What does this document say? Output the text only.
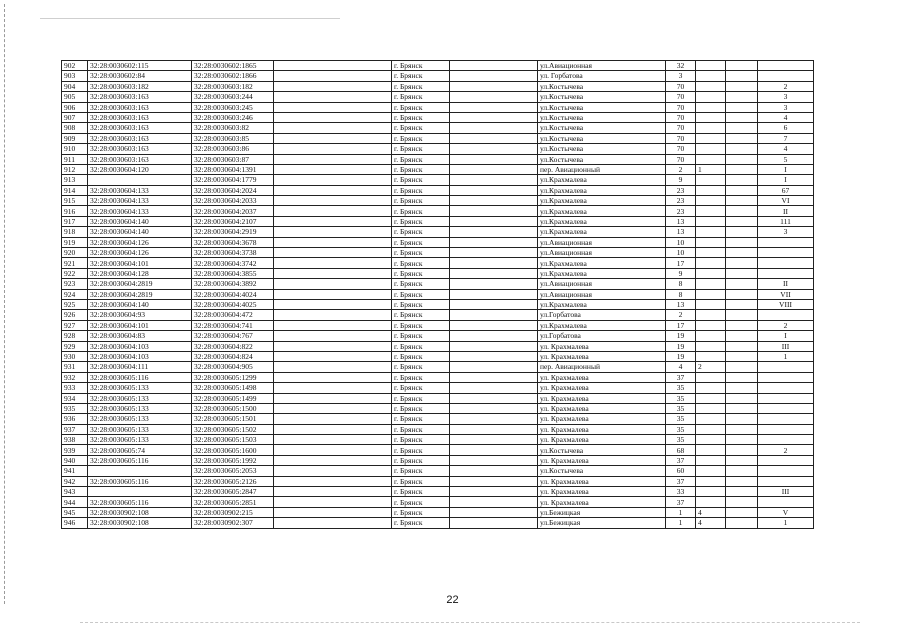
902	32:28:0030602:115	32:28:0030602:1865		г. Брянск		ул.Авиационная	32			
903	32:28:0030602:84	32:28:0030602:1866		г. Брянск		ул. Горбатова	3			
904	32:28:0030603:182	32:28:0030603:182		г. Брянск		ул.Костычева	70			2
905	32:28:0030603:163	32:28:0030603:244		г. Брянск		ул.Костычева	70			3
906	32:28:0030603:163	32:28:0030603:245		г. Брянск		ул.Костычева	70			3
907	32:28:0030603:163	32:28:0030603:246		г. Брянск		ул.Костычева	70			4
908	32:28:0030603:163	32:28:0030603:82		г. Брянск		ул.Костычева	70			6
909	32:28:0030603:163	32:28:0030603:85		г. Брянск		ул.Костычева	70			7
910	32:28:0030603:163	32:28:0030603:86		г. Брянск		ул.Костычева	70			4
911	32:28:0030603:163	32:28:0030603:87		г. Брянск		ул.Костычева	70			5
912	32:28:0030604:120	32:28:0030604:1391		г. Брянск		пер. Авиационный	2	1		I
913		32:28:0030604:1779		г. Брянск		ул.Крахмалева	9			I
914	32:28:0030604:133	32:28:0030604:2024		г. Брянск		ул.Крахмалева	23			67
915	32:28:0030604:133	32:28:0030604:2033		г. Брянск		ул.Крахмалева	23			VI
916	32:28:0030604:133	32:28:0030604:2037		г. Брянск		ул.Крахмалева	23			II
917	32:28:0030604:140	32:28:0030604:2107		г. Брянск		ул.Крахмалева	13			111
918	32:28:0030604:140	32:28:0030604:2919		г. Брянск		ул.Крахмалева	13			3
919	32:28:0030604:126	32:28:0030604:3678		г. Брянск		ул.Авиационная	10			
920	32:28:0030604:126	32:28:0030604:3738		г. Брянск		ул.Авиационная	10			
921	32:28:0030604:101	32:28:0030604:3742		г. Брянск		ул.Крахмалева	17			
922	32:28:0030604:128	32:28:0030604:3855		г. Брянск		ул.Крахмалева	9			
923	32:28:0030604:2819	32:28:0030604:3892		г. Брянск		ул.Авиационная	8			II
924	32:28:0030604:2819	32:28:0030604:4024		г. Брянск		ул.Авиационная	8			VII
925	32:28:0030604:140	32:28:0030604:4025		г. Брянск		ул.Крахмалева	13			VIII
926	32:28:0030604:93	32:28:0030604:472		г. Брянск		ул.Горбатова	2			
927	32:28:0030604:101	32:28:0030604:741		г. Брянск		ул.Крахмалева	17			2
928	32:28:0030604:83	32:28:0030604:767		г. Брянск		ул.Горбатова	19			I
929	32:28:0030604:103	32:28:0030604:822		г. Брянск		ул. Крахмалева	19			III
930	32:28:0030604:103	32:28:0030604:824		г. Брянск		ул. Крахмалева	19			1
931	32:28:0030604:111	32:28:0030604:905		г. Брянск		пер. Авиационный	4	2		
932	32:28:0030605:116	32:28:0030605:1299		г. Брянск		ул. Крахмалева	37			
933	32:28:0030605:133	32:28:0030605:1498		г. Брянск		ул. Крахмалева	35			
934	32:28:0030605:133	32:28:0030605:1499		г. Брянск		ул. Крахмалева	35			
935	32:28:0030605:133	32:28:0030605:1500		г. Брянск		ул. Крахмалева	35			
936	32:28:0030605:133	32:28:0030605:1501		г. Брянск		ул. Крахмалева	35			
937	32:28:0030605:133	32:28:0030605:1502		г. Брянск		ул. Крахмалева	35			
938	32:28:0030605:133	32:28:0030605:1503		г. Брянск		ул. Крахмалева	35			
939	32:28:0030605:74	32:28:0030605:1600		г. Брянск		ул.Костычева	68			2
940	32:28:0030605:116	32:28:0030605:1992		г. Брянск		ул. Крахмалева	37			
941		32:28:0030605:2053		г. Брянск		ул.Костычева	60			
942	32:28:0030605:116	32:28:0030605:2126		г. Брянск		ул. Крахмалева	37			
943		32:28:0030605:2847		г. Брянск		ул. Крахмалева	33			III
944	32:28:0030605:116	32:28:0030605:2851		г. Брянск		ул. Крахмалева	37			
945	32:28:0030902:108	32:28:0030902:215		г. Брянск		ул.Бежицкая	1	4		V
946	32:28:0030902:108	32:28:0030902:307		г. Брянск		ул.Бежицкая	1	4		1
22
